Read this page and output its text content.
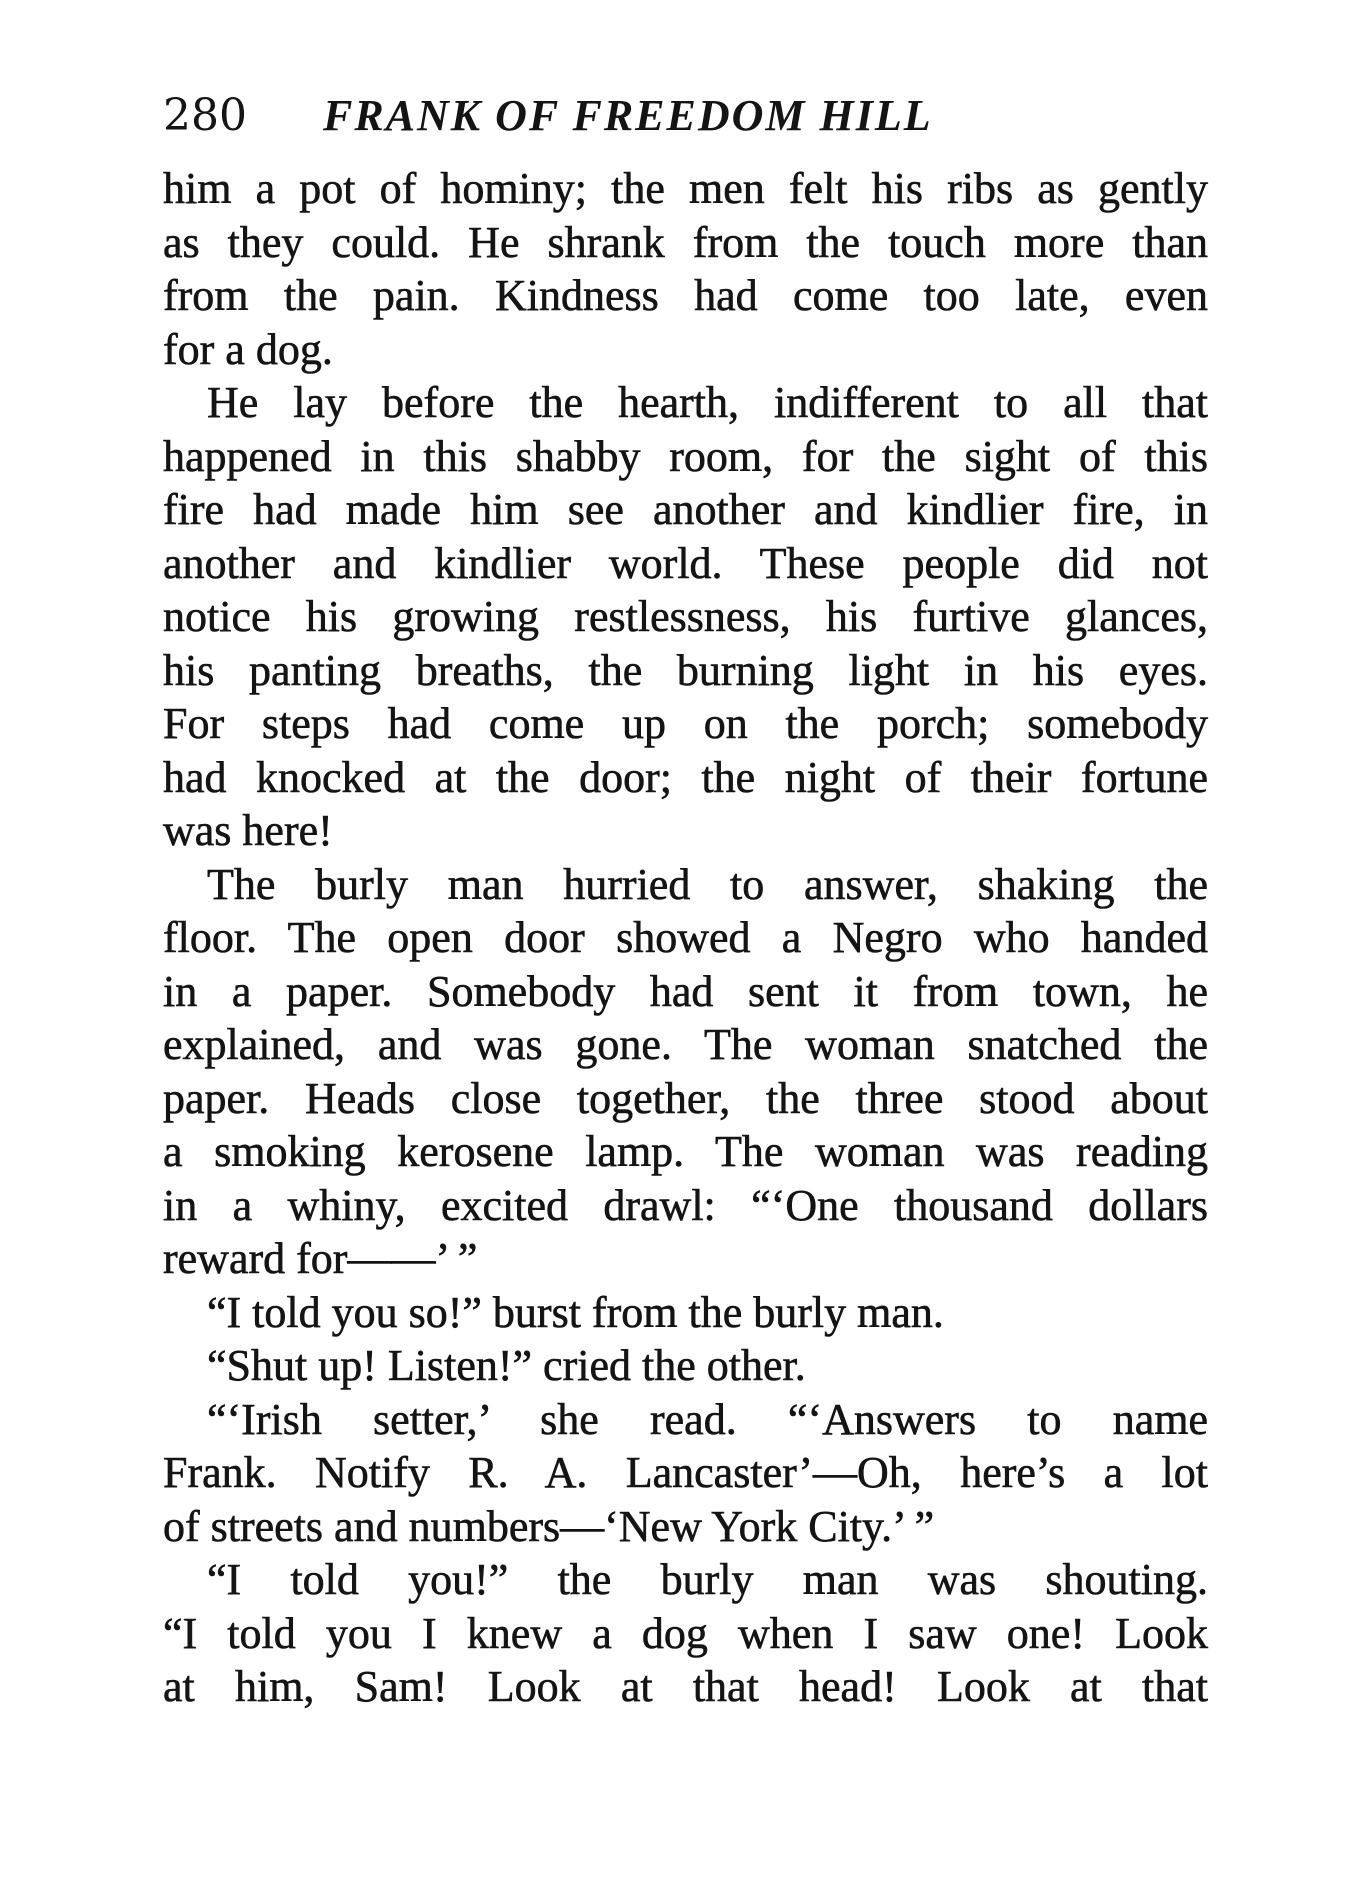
280 FRANK OF FREEDOM HILL
him a pot of hominy; the men felt his ribs as gently
as they could. He shrank from the touch more than
from the pain. Kindness had come too late, even
for a dog.
He lay before the hearth, indifferent to all that
happened in this shabby room, for the sight of this
fire had made him see another and kindlier fire, in
another and kindlier world. These people did not
notice his growing restlessness, his furtive glances,
his panting breaths, the burning light in his eyes.
For steps had come up on the porch; somebody
had knocked at the door; the night of their fortune
was here!
The burly man hurried to answer, shaking the
floor. The open door showed a Negro who handed
in a paper. Somebody had sent it from town, he
explained, and was gone. The woman snatched the
paper. Heads close together, the three stood about
a smoking kerosene lamp. The woman was reading
in a whiny, excited drawl: “‘One thousand dollars
reward for——’ ”
“I told you so!” burst from the burly man.
“Shut up! Listen!” cried the other.
“‘Irish setter,’ she read. “‘Answers to name
Frank. Notify R. A. Lancaster’—Oh, here’s a lot
of streets and numbers—‘New York City.’ ”
“I told you!” the burly man was shouting.
“I told you I knew a dog when I saw one! Look
at him, Sam! Look at that head! Look at that
